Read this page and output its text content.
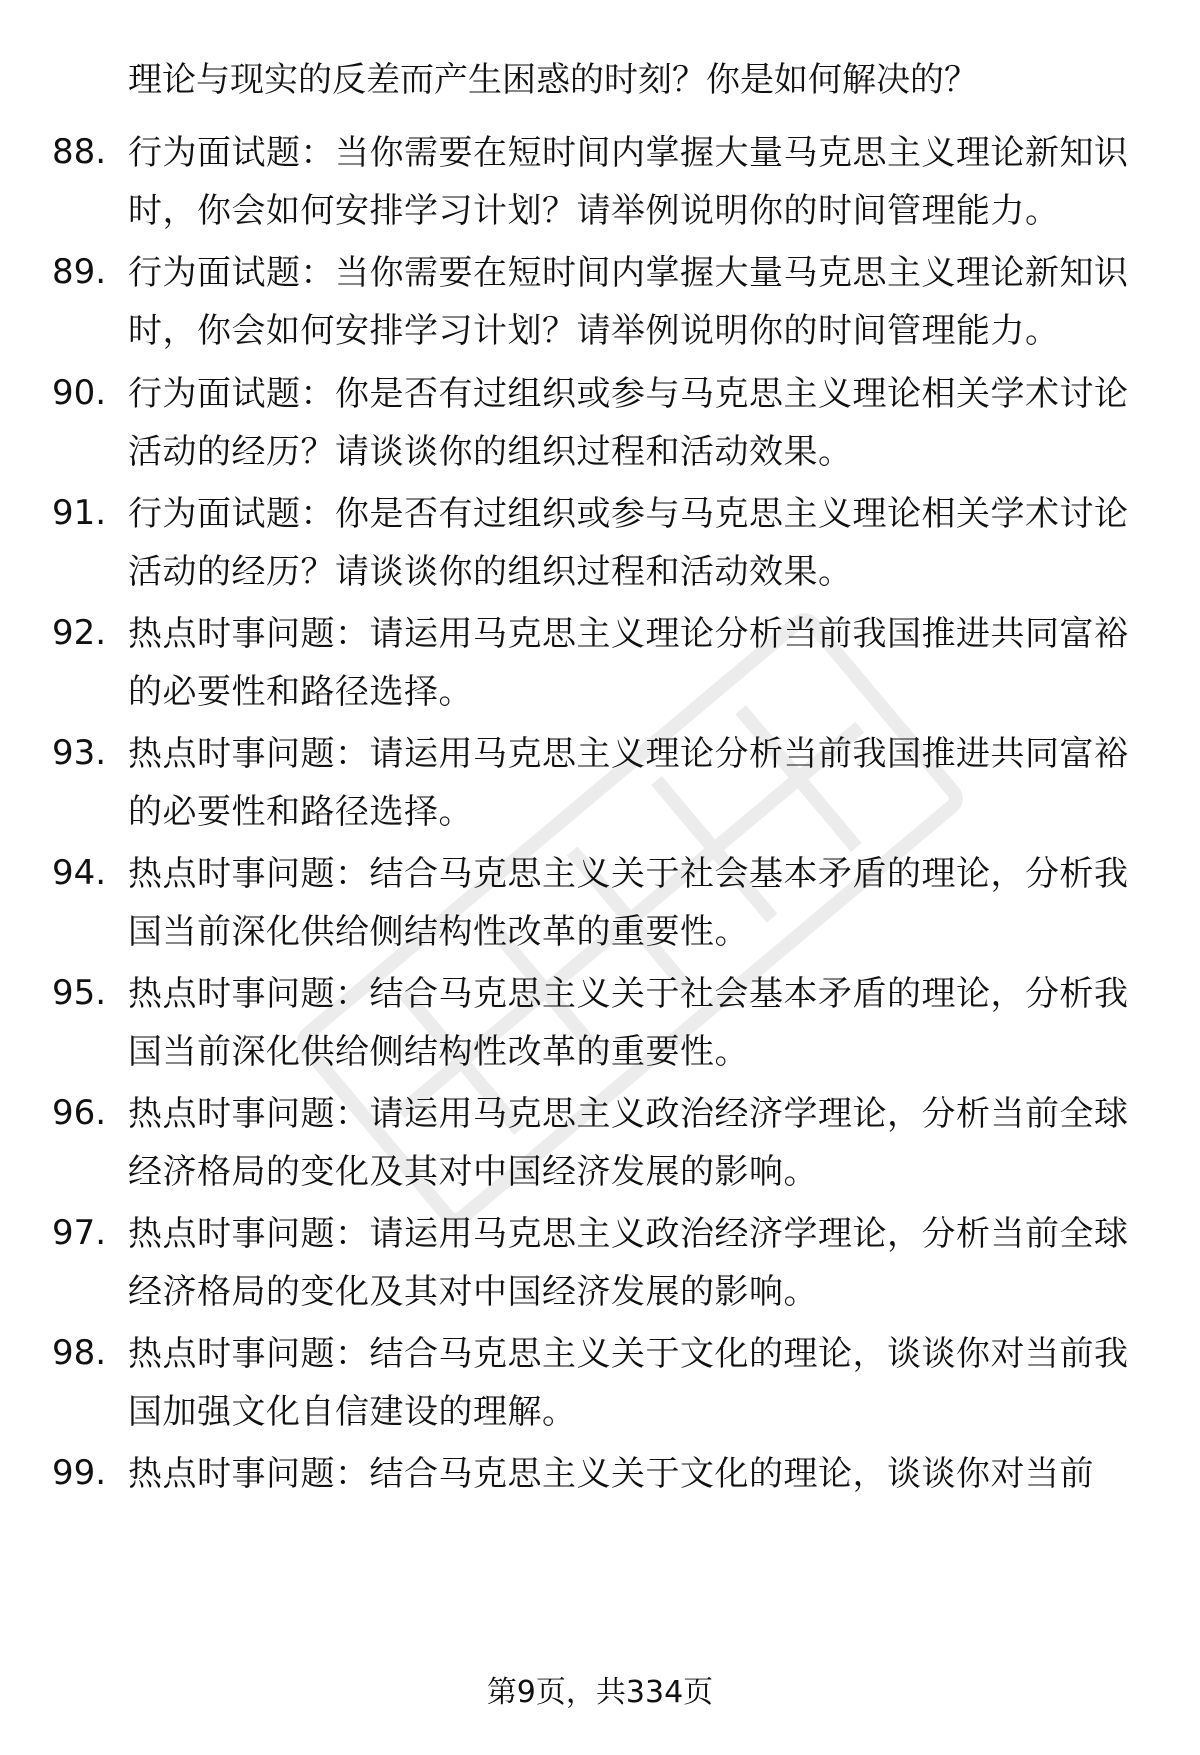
理论与现实的反差而产生困惑的时刻？你是如何解决的？
88. 行为面试题：当你需要在短时间内掌握大量马克思主义理论新知识时，你会如何安排学习计划？请举例说明你的时间管理能力。
89. 行为面试题：当你需要在短时间内掌握大量马克思主义理论新知识时，你会如何安排学习计划？请举例说明你的时间管理能力。
90. 行为面试题：你是否有过组织或参与马克思主义理论相关学术讨论活动的经历？请谈谈你的组织过程和活动效果。
91. 行为面试题：你是否有过组织或参与马克思主义理论相关学术讨论活动的经历？请谈谈你的组织过程和活动效果。
92. 热点时事问题：请运用马克思主义理论分析当前我国推进共同富裕的必要性和路径选择。
93. 热点时事问题：请运用马克思主义理论分析当前我国推进共同富裕的必要性和路径选择。
94. 热点时事问题：结合马克思主义关于社会基本矛盾的理论，分析我国当前深化供给侧结构性改革的重要性。
95. 热点时事问题：结合马克思主义关于社会基本矛盾的理论，分析我国当前深化供给侧结构性改革的重要性。
96. 热点时事问题：请运用马克思主义政治经济学理论，分析当前全球经济格局的变化及其对中国经济发展的影响。
97. 热点时事问题：请运用马克思主义政治经济学理论，分析当前全球经济格局的变化及其对中国经济发展的影响。
98. 热点时事问题：结合马克思主义关于文化的理论，谈谈你对当前我国加强文化自信建设的理解。
99. 热点时事问题：结合马克思主义关于文化的理论，谈谈你对当前
第9页，共334页
